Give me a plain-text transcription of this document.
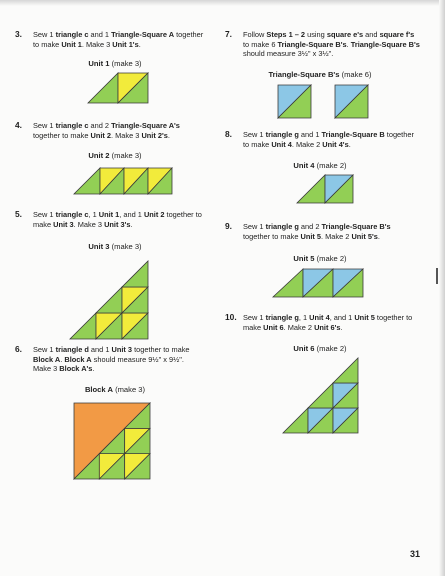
3. Sew 1 triangle c and 1 Triangle-Square A together
to make Unit 1. Make 3 Unit 1's.
Unit 1 (make 3)
4. Sew 1 triangle c and 2 Triangle-Square A's
together to make Unit 2. Make 3 Unit 2's.
Unit 2 (make 3)
5. Sew 1 triangle c, 1 Unit 1, and 1 Unit 2 together to
make Unit 3. Make 3 Unit 3's.
Unit 3 (make 3)
6. Sew 1 triangle d and 1 Unit 3 together to make
Block A. Block A should measure 9½" x 9½".
Make 3 Block A's.
Block A (make 3)
7. Follow Steps 1 – 2 using square e's and square f's
to make 6 Triangle-Square B's. Triangle-Square B's
should measure 3½" x 3½".
Triangle-Square B's (make 6)
8. Sew 1 triangle g and 1 Triangle-Square B together
to make Unit 4. Make 2 Unit 4's.
Unit 4 (make 2)
9. Sew 1 triangle g and 2 Triangle-Square B's
together to make Unit 5. Make 2 Unit 5's.
Unit 5 (make 2)
10. Sew 1 triangle g, 1 Unit 4, and 1 Unit 5 together to
make Unit 6. Make 2 Unit 6's.
Unit 6 (make 2)
31
